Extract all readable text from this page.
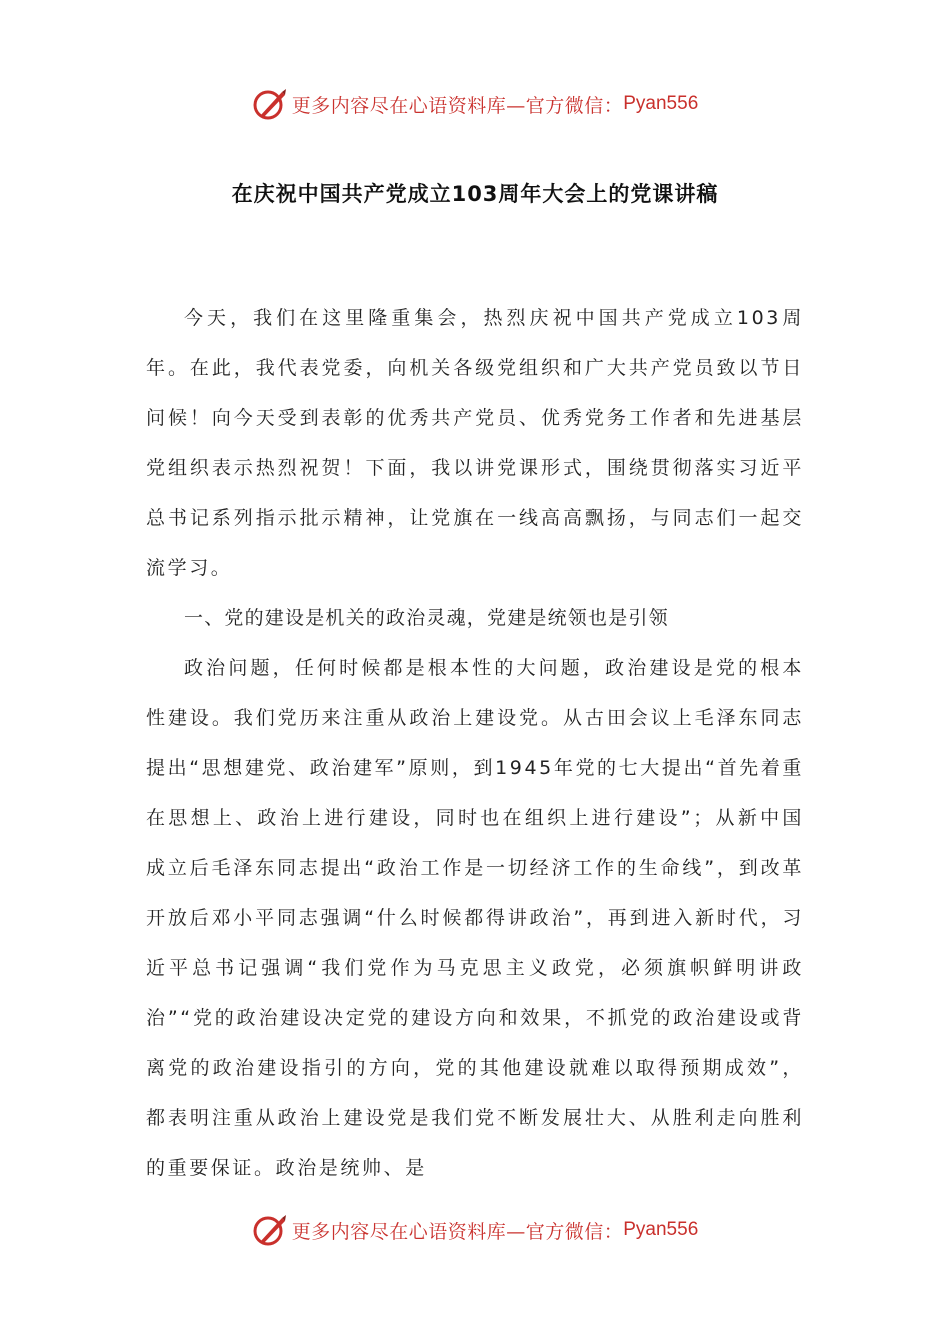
更多内容尽在心语资料库—官方微信： Pyan556
在庆祝中国共产党成立103周年大会上的党课讲稿

今天，我们在这里隆重集会，热烈庆祝中国共产党成立103周年。在此，我代表党委，向机关各级党组织和广大共产党员致以节日问候！向今天受到表彰的优秀共产党员、优秀党务工作者和先进基层党组织表示热烈祝贺！下面，我以讲党课形式，围绕贯彻落实习近平总书记系列指示批示精神，让党旗在一线高高飘扬，与同志们一起交流学习。

一、党的建设是机关的政治灵魂，党建是统领也是引领

政治问题，任何时候都是根本性的大问题，政治建设是党的根本性建设。我们党历来注重从政治上建设党。从古田会议上毛泽东同志提出“思想建党、政治建军”原则，到1945年党的七大提出“首先着重在思想上、政治上进行建设，同时也在组织上进行建设”；从新中国成立后毛泽东同志提出“政治工作是一切经济工作的生命线”，到改革开放后邓小平同志强调“什么时候都得讲政治”，再到进入新时代，习近平总书记强调“我们党作为马克思主义政党，必须旗帜鲜明讲政治”“党的政治建设决定党的建设方向和效果，不抓党的政治建设或背离党的政治建设指引的方向，党的其他建设就难以取得预期成效”，都表明注重从政治上建设党是我们党不断发展壮大、从胜利走向胜利的重要保证。政治是统帅、是

更多内容尽在心语资料库—官方微信： Pyan556
